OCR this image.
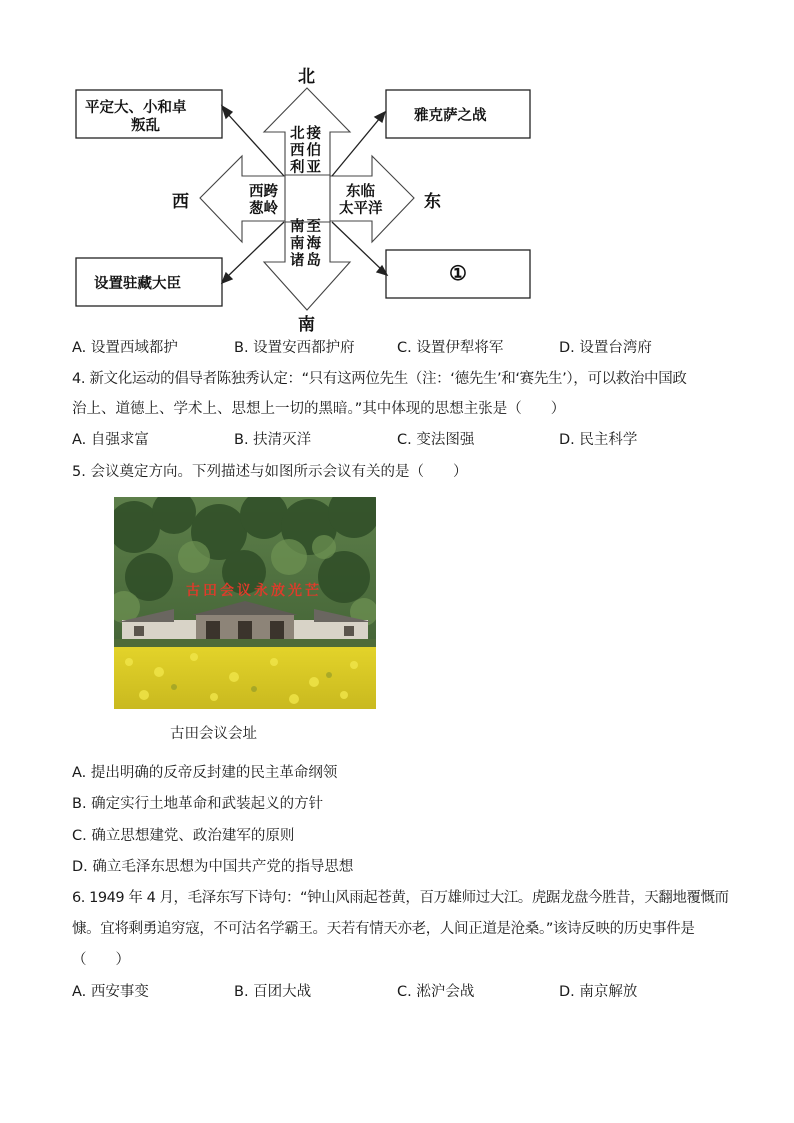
北
南
西	东
北接
西伯
利亚
西跨
葱岭
东临
太平洋
南至
南海
诸岛
平定大、小和卓
叛乱
雅克萨之战
设置驻藏大臣	①
A. 设置西域都护	B. 设置安西都护府	C. 设置伊犁将军	D. 设置台湾府
4. 新文化运动的倡导者陈独秀认定：“只有这两位先生（注：‘德先生’和‘赛先生’），可以救治中国政
治上、道德上、学术上、思想上一切的黑暗。”其中体现的思想主张是（　　）
A. 自强求富	B. 扶清灭洋	C. 变法图强	D. 民主科学
5. 会议奠定方向。下列描述与如图所示会议有关的是（　　）
古田会议永放光芒
古田会议会址
A. 提出明确的反帝反封建的民主革命纲领
B. 确定实行土地革命和武装起义的方针
C. 确立思想建党、政治建军的原则
D. 确立毛泽东思想为中国共产党的指导思想
6. 1949 年 4 月，毛泽东写下诗句：“钟山风雨起苍黄，百万雄师过大江。虎踞龙盘今胜昔，天翻地覆慨而
慷。宜将剩勇追穷寇，不可沽名学霸王。天若有情天亦老，人间正道是沧桑。”该诗反映的历史事件是
（　　）
A. 西安事变	B. 百团大战	C. 淞沪会战	D. 南京解放
